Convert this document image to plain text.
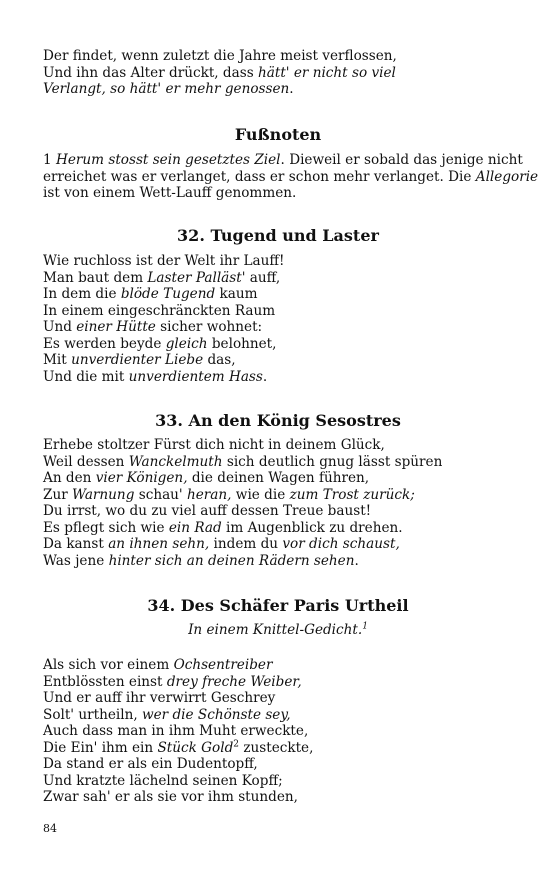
Der findet, wenn zuletzt die Jahre meist verflossen,
Und ihn das Alter drückt, dass hätt' er nicht so viel
Verlangt, so hätt' er mehr genossen.
Fußnoten
1 Herum stosst sein gesetztes Ziel. Dieweil er sobald das jenige nicht
erreichet was er verlanget, dass er schon mehr verlanget. Die Allegorie
ist von einem Wett-Lauff genommen.
32. Tugend und Laster
Wie ruchloss ist der Welt ihr Lauff!
Man baut dem Laster Palläst' auff,
In dem die blöde Tugend kaum
In einem eingeschränckten Raum
Und einer Hütte sicher wohnet:
Es werden beyde gleich belohnet,
Mit unverdienter Liebe das,
Und die mit unverdientem Hass.
33. An den König Sesostres
Erhebe stoltzer Fürst dich nicht in deinem Glück,
Weil dessen Wanckelmuth sich deutlich gnug lässt spüren
An den vier Königen, die deinen Wagen führen,
Zur Warnung schau' heran, wie die zum Trost zurück;
Du irrst, wo du zu viel auff dessen Treue baust!
Es pflegt sich wie ein Rad im Augenblick zu drehen.
Da kanst an ihnen sehn, indem du vor dich schaust,
Was jene hinter sich an deinen Rädern sehen.
34. Des Schäfer Paris Urtheil
In einem Knittel-Gedicht.$^1$
Als sich vor einem Ochsentreiber
Entblössten einst drey freche Weiber,
Und er auff ihr verwirrt Geschrey
Solt' urtheiln, wer die Schönste sey,
Auch dass man in ihm Muht erweckte,
Die Ein' ihm ein Stück Gold$^2$ zusteckte,
Da stand er als ein Dudentopff,
Und kratzte lächelnd seinen Kopff;
Zwar sah' er als sie vor ihm stunden,
84
